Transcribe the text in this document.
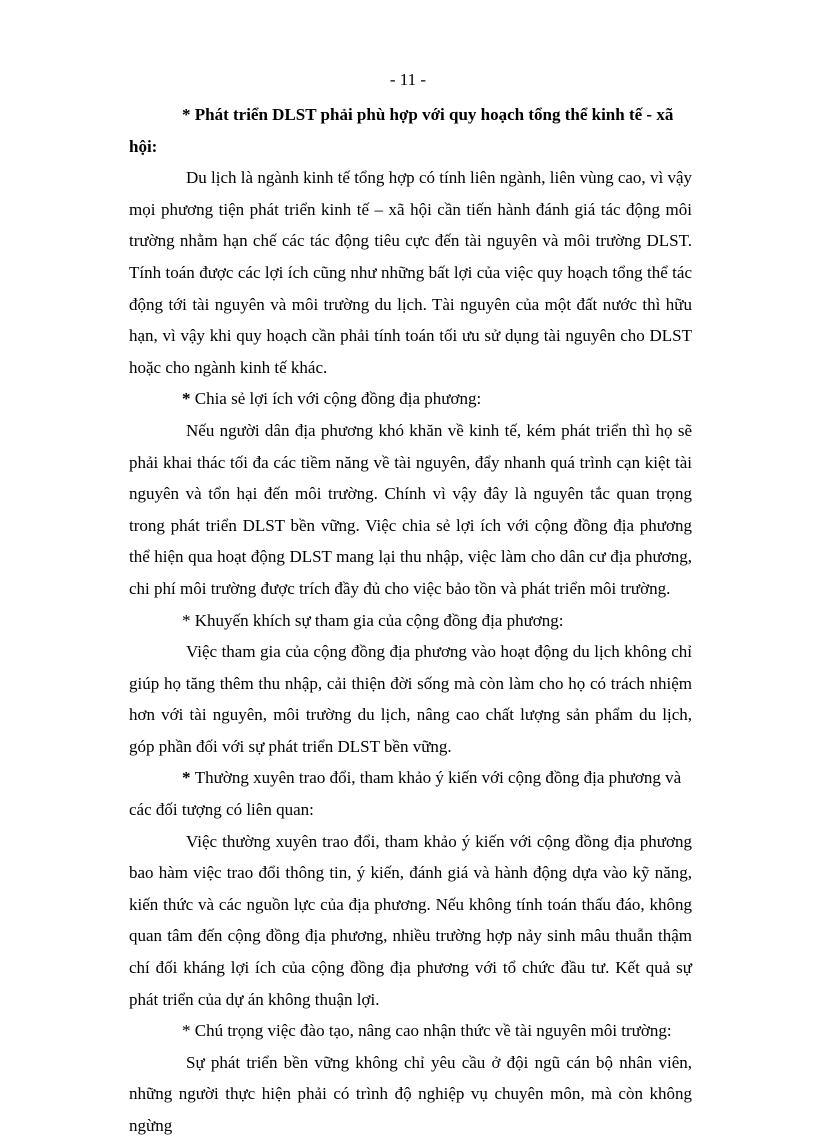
- 11 -

* Phát triển DLST phải phù hợp với quy hoạch tổng thể kinh tế - xã hội:

Du lịch là ngành kinh tế tổng hợp có tính liên ngành, liên vùng cao, vì vậy mọi phương tiện phát triển kinh tế – xã hội cần tiến hành đánh giá tác động môi trường nhằm hạn chế các tác động tiêu cực đến tài nguyên và môi trường DLST. Tính toán được các lợi ích cũng như những bất lợi của việc quy hoạch tổng thể tác động tới tài nguyên và môi trường du lịch. Tài nguyên của một đất nước thì hữu hạn, vì vậy khi quy hoạch cần phải tính toán tối ưu sử dụng tài nguyên cho DLST hoặc cho ngành kinh tế khác.

* Chia sẻ lợi ích với cộng đồng địa phương:

Nếu người dân địa phương khó khăn về kinh tế, kém phát triển thì họ sẽ phải khai thác tối đa các tiềm năng về tài nguyên, đẩy nhanh quá trình cạn kiệt tài nguyên và tổn hại đến môi trường. Chính vì vậy đây là nguyên tắc quan trọng trong phát triển DLST bền vững. Việc chia sẻ lợi ích với cộng đồng địa phương thể hiện qua hoạt động DLST mang lại thu nhập, việc làm cho dân cư địa phương, chi phí môi trường được trích đầy đủ cho việc bảo tồn và phát triển môi trường.

* Khuyến khích sự tham gia của cộng đồng địa phương:

Việc tham gia của cộng đồng địa phương vào hoạt động du lịch không chỉ giúp họ tăng thêm thu nhập, cải thiện đời sống mà còn làm cho họ có trách nhiệm hơn với tài nguyên, môi trường du lịch, nâng cao chất lượng sản phẩm du lịch, góp phần đối với sự phát triển DLST bền vững.

* Thường xuyên trao đổi, tham khảo ý kiến với cộng đồng địa phương và các đối tượng có liên quan:

Việc thường xuyên trao đổi, tham khảo ý kiến với cộng đồng địa phương bao hàm việc trao đổi thông tin, ý kiến, đánh giá và hành động dựa vào kỹ năng, kiến thức và các nguồn lực của địa phương. Nếu không tính toán thấu đáo, không quan tâm đến cộng đồng địa phương, nhiều trường hợp nảy sinh mâu thuẫn thậm chí đối kháng lợi ích của cộng đồng địa phương với tổ chức đầu tư. Kết quả sự phát triển của dự án không thuận lợi.

* Chú trọng việc đào tạo, nâng cao nhận thức về tài nguyên môi trường:

Sự phát triển bền vững không chỉ yêu cầu ở đội ngũ cán bộ nhân viên, những người thực hiện phải có trình độ nghiệp vụ chuyên môn, mà còn không ngừng
